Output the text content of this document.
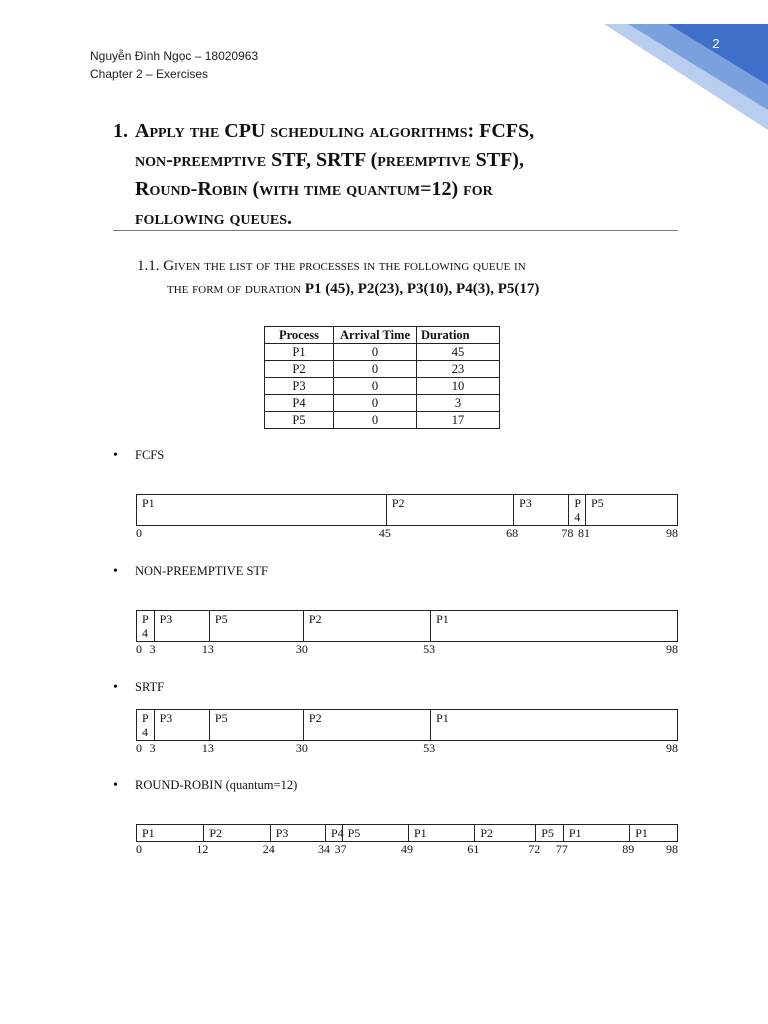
2
Nguyễn Đình Ngọc – 18020963
Chapter 2 – Exercises
1. Apply the CPU scheduling algorithms: FCFS,
non-preemptive STF, SRTF (preemptive STF),
Round-Robin (with time quantum=12) for
following queues.
1.1. Given the list of the processes in the following queue in
the form of duration P1 (45), P2(23), P3(10), P4(3), P5(17)
Process	Arrival Time	Duration
P1	0	45
P2	0	23
P3	0	10
P4	0	3
P5	0	17
• FCFS
P1	P2	P3	P
4
P5
0	45	68	78 81	98
• NON-PREEMPTIVE STF
P
4
P3	P5	P2	P1
0 3	13	30	53	98
• SRTF
P
4
P3	P5	P2	P1
0 3	13	30	53	98
• ROUND-ROBIN (quantum=12)
P1	P2	P3	P4 P5	P1	P2	P5	P1	P1
0	12	24	34 37	49	61	72 77	89	98
